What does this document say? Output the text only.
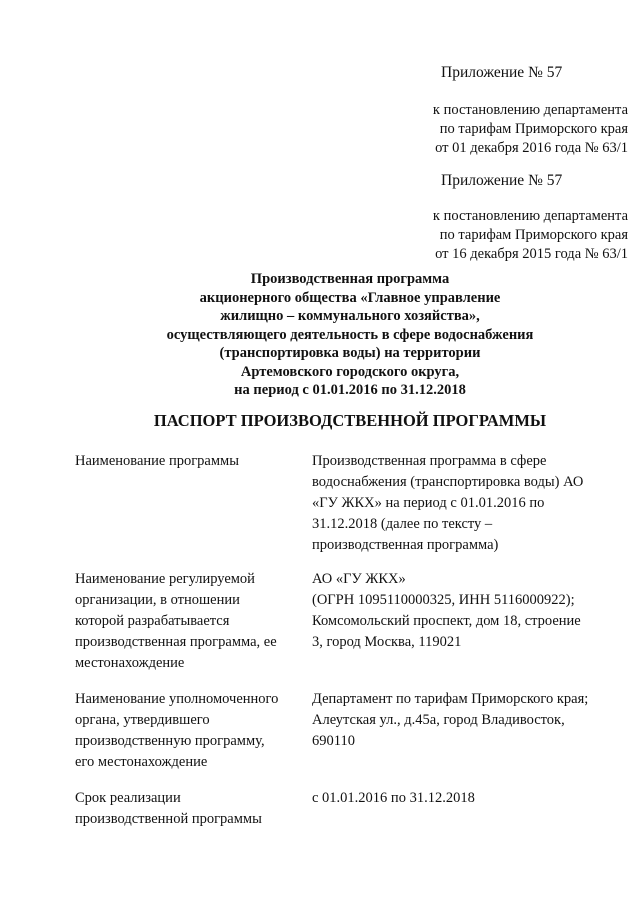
Приложение № 57
к постановлению департамента
по тарифам Приморского края
от 01 декабря 2016 года № 63/1
Приложение № 57
к постановлению департамента
по тарифам Приморского края
от 16 декабря 2015 года № 63/1
Производственная программа
акционерного общества «Главное управление
жилищно – коммунального хозяйства»,
осуществляющего деятельность в сфере водоснабжения
(транспортировка воды) на территории
Артемовского городского округа,
на период с 01.01.2016 по 31.12.2018
ПАСПОРТ ПРОИЗВОДСТВЕННОЙ ПРОГРАММЫ
Наименование программы	Производственная программа в сфере
водоснабжения (транспортировка воды) АО
«ГУ ЖКХ» на период с 01.01.2016 по
31.12.2018 (далее по тексту –
производственная программа)
Наименование регулируемой
организации, в отношении
которой разрабатывается
производственная программа, ее
местонахождение
АО «ГУ ЖКХ»
(ОГРН 1095110000325, ИНН 5116000922);
Комсомольский проспект, дом 18, строение
3, город Москва, 119021
Наименование уполномоченного
органа, утвердившего
производственную программу,
его местонахождение
Департамент по тарифам Приморского края;
Алеутская ул., д.45а, город Владивосток,
690110
Срок реализации
производственной программы
с 01.01.2016 по 31.12.2018
